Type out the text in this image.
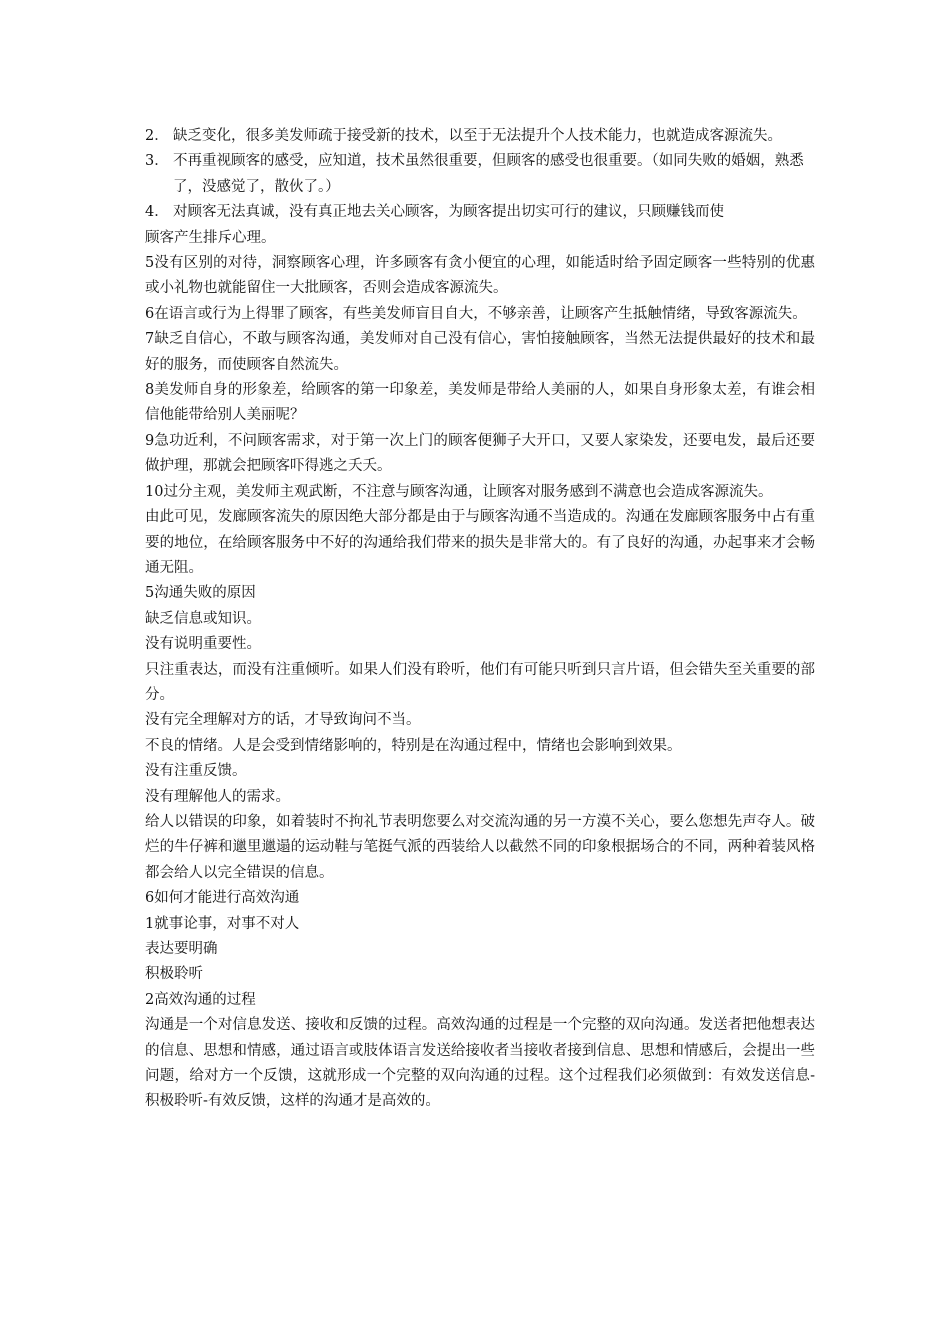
2． 缺乏变化，很多美发师疏于接受新的技术，以至于无法提升个人技术能力，也就造成客源流失。
3． 不再重视顾客的感受，应知道，技术虽然很重要，但顾客的感受也很重要。（如同失败的婚姻，熟悉了，没感觉了，散伙了。）
4． 对顾客无法真诚，没有真正地去关心顾客，为顾客提出切实可行的建议，只顾赚钱而使
顾客产生排斥心理。
5没有区别的对待，洞察顾客心理，许多顾客有贪小便宜的心理，如能适时给予固定顾客一些特别的优惠或小礼物也就能留住一大批顾客，否则会造成客源流失。
6在语言或行为上得罪了顾客，有些美发师盲目自大，不够亲善，让顾客产生抵触情绪，导致客源流失。
7缺乏自信心，不敢与顾客沟通，美发师对自己没有信心，害怕接触顾客，当然无法提供最好的技术和最好的服务，而使顾客自然流失。
8美发师自身的形象差，给顾客的第一印象差，美发师是带给人美丽的人，如果自身形象太差，有谁会相信他能带给别人美丽呢？
9急功近利，不问顾客需求，对于第一次上门的顾客便狮子大开口，又要人家染发，还要电发，最后还要做护理，那就会把顾客吓得逃之夭夭。
10过分主观，美发师主观武断，不注意与顾客沟通，让顾客对服务感到不满意也会造成客源流失。
由此可见，发廊顾客流失的原因绝大部分都是由于与顾客沟通不当造成的。沟通在发廊顾客服务中占有重要的地位，在给顾客服务中不好的沟通给我们带来的损失是非常大的。有了良好的沟通，办起事来才会畅通无阻。
5沟通失败的原因
缺乏信息或知识。
没有说明重要性。
只注重表达，而没有注重倾听。如果人们没有聆听，他们有可能只听到只言片语，但会错失至关重要的部分。
没有完全理解对方的话，才导致询问不当。
不良的情绪。人是会受到情绪影响的，特别是在沟通过程中，情绪也会影响到效果。
没有注重反馈。
没有理解他人的需求。
给人以错误的印象，如着装时不拘礼节表明您要么对交流沟通的另一方漠不关心，要么您想先声夺人。破烂的牛仔裤和邋里邋遢的运动鞋与笔挺气派的西装给人以截然不同的印象根据场合的不同，两种着装风格都会给人以完全错误的信息。
6如何才能进行高效沟通
1就事论事，对事不对人
表达要明确
积极聆听
2高效沟通的过程
沟通是一个对信息发送、接收和反馈的过程。高效沟通的过程是一个完整的双向沟通。发送者把他想表达的信息、思想和情感，通过语言或肢体语言发送给接收者当接收者接到信息、思想和情感后，会提出一些问题，给对方一个反馈，这就形成一个完整的双向沟通的过程。这个过程我们必须做到：有效发送信息-积极聆听-有效反馈，这样的沟通才是高效的。
